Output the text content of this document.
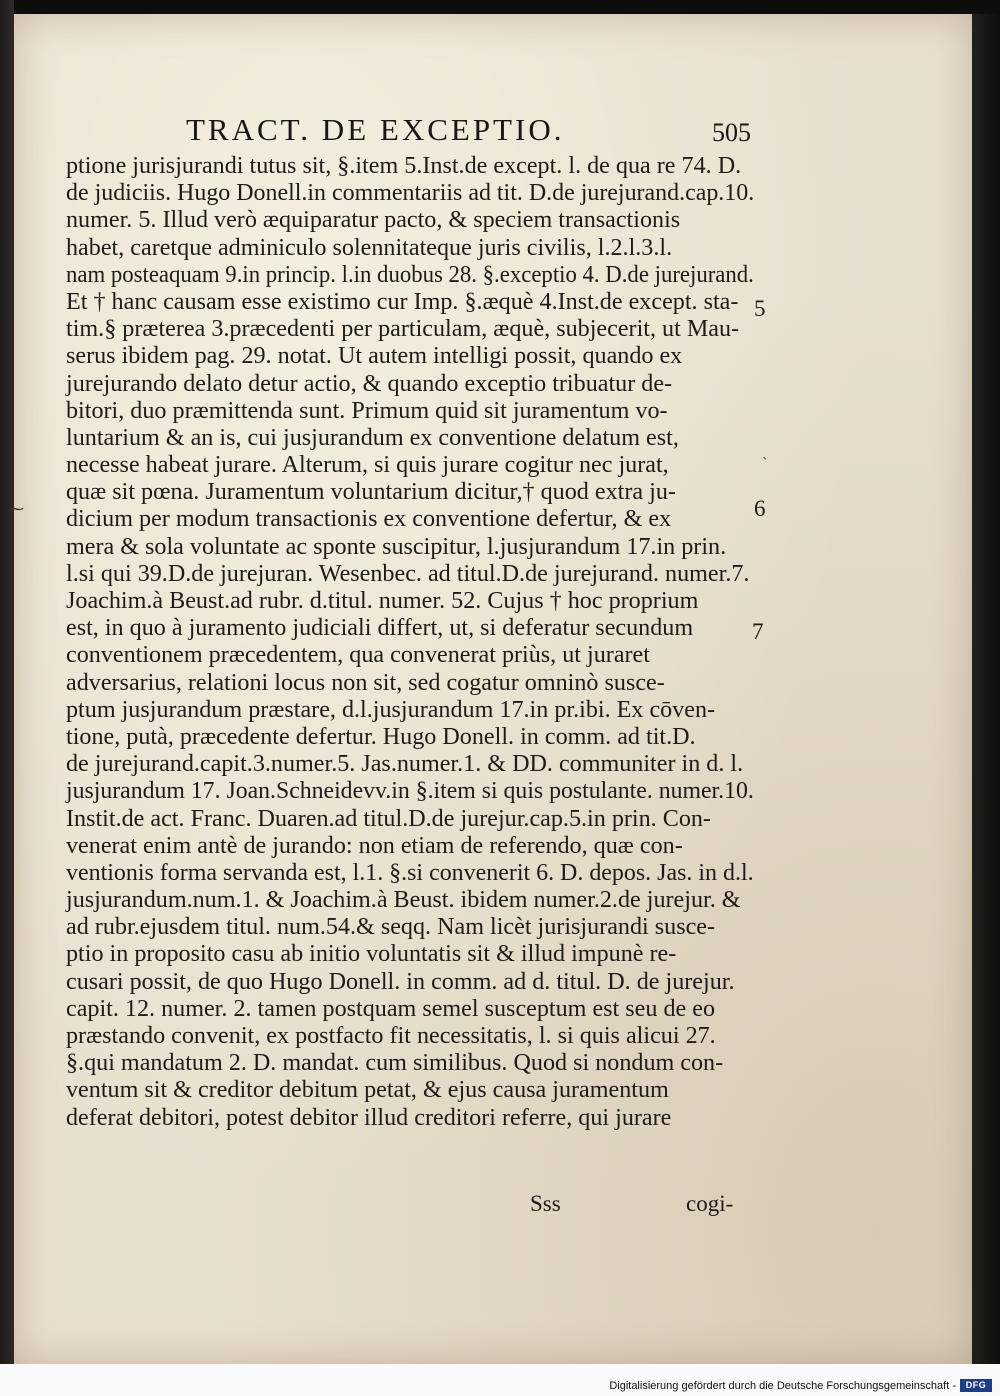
TRACT. DE EXCEPTIO.	505
ptione jurisjurandi tutus sit, §.item 5.Inst.de except. l. de qua re 74. D.
de judiciis. Hugo Donell.in commentariis ad tit. D.de jurejurand.cap.10.
numer. 5. Illud verò æquiparatur pacto, & speciem transactionis
habet, caretque adminiculo solennitateque juris civilis, l.2.l.3.l.
nam posteaquam 9.in princip. l.in duobus 28. §.exceptio 4. D.de jurejurand.
Et † hanc causam esse existimo cur Imp. §.æquè 4.Inst.de except. sta-
tim.§ præterea 3.præcedenti per particulam, æquè, subjecerit, ut Mau-
serus ibidem pag. 29. notat. Ut autem intelligi possit, quando ex
jurejurando delato detur actio, & quando exceptio tribuatur de-
bitori, duo præmittenda sunt. Primum quid sit juramentum vo-
luntarium & an is, cui jusjurandum ex conventione delatum est,
necesse habeat jurare. Alterum, si quis jurare cogitur nec jurat,
quæ sit pœna. Juramentum voluntarium dicitur,† quod extra ju-
dicium per modum transactionis ex conventione defertur, & ex
mera & sola voluntate ac sponte suscipitur, l.jusjurandum 17.in prin.
l.si qui 39.D.de jurejuran. Wesenbec. ad titul.D.de jurejurand. numer.7.
Joachim.à Beust.ad rubr. d.titul. numer. 52. Cujus † hoc proprium
est, in quo à juramento judiciali differt, ut, si deferatur secundum
conventionem præcedentem, qua convenerat priùs, ut juraret
adversarius, relationi locus non sit, sed cogatur omninò susce-
ptum jusjurandum præstare, d.l.jusjurandum 17.in pr.ibi. Ex cōven-
tione, putà, præcedente defertur. Hugo Donell. in comm. ad tit.D.
de jurejurand.capit.3.numer.5. Jas.numer.1. & DD. communiter in d. l.
jusjurandum 17. Joan.Schneidevv.in §.item si quis postulante. numer.10.
Instit.de act. Franc. Duaren.ad titul.D.de jurejur.cap.5.in prin. Con-
venerat enim antè de jurando: non etiam de referendo, quæ con-
ventionis forma servanda est, l.1. §.si convenerit 6. D. depos. Jas. in d.l.
jusjurandum.num.1. & Joachim.à Beust. ibidem numer.2.de jurejur. &
ad rubr.ejusdem titul. num.54.& seqq. Nam licèt jurisjurandi susce-
ptio in proposito casu ab initio voluntatis sit & illud impunè re-
cusari possit, de quo Hugo Donell. in comm. ad d. titul. D. de jurejur.
capit. 12. numer. 2. tamen postquam semel susceptum est seu de eo
præstando convenit, ex postfacto fit necessitatis, l. si quis alicui 27.
§.qui mandatum 2. D. mandat. cum similibus. Quod si nondum con-
ventum sit & creditor debitum petat, & ejus causa juramentum
deferat debitori, potest debitor illud creditori referre, qui jurare
5
6
7
⁓
˴
Sss	cogi-
Digitalisierung gefördert durch die Deutsche Forschungsgemeinschaft -	DFG
